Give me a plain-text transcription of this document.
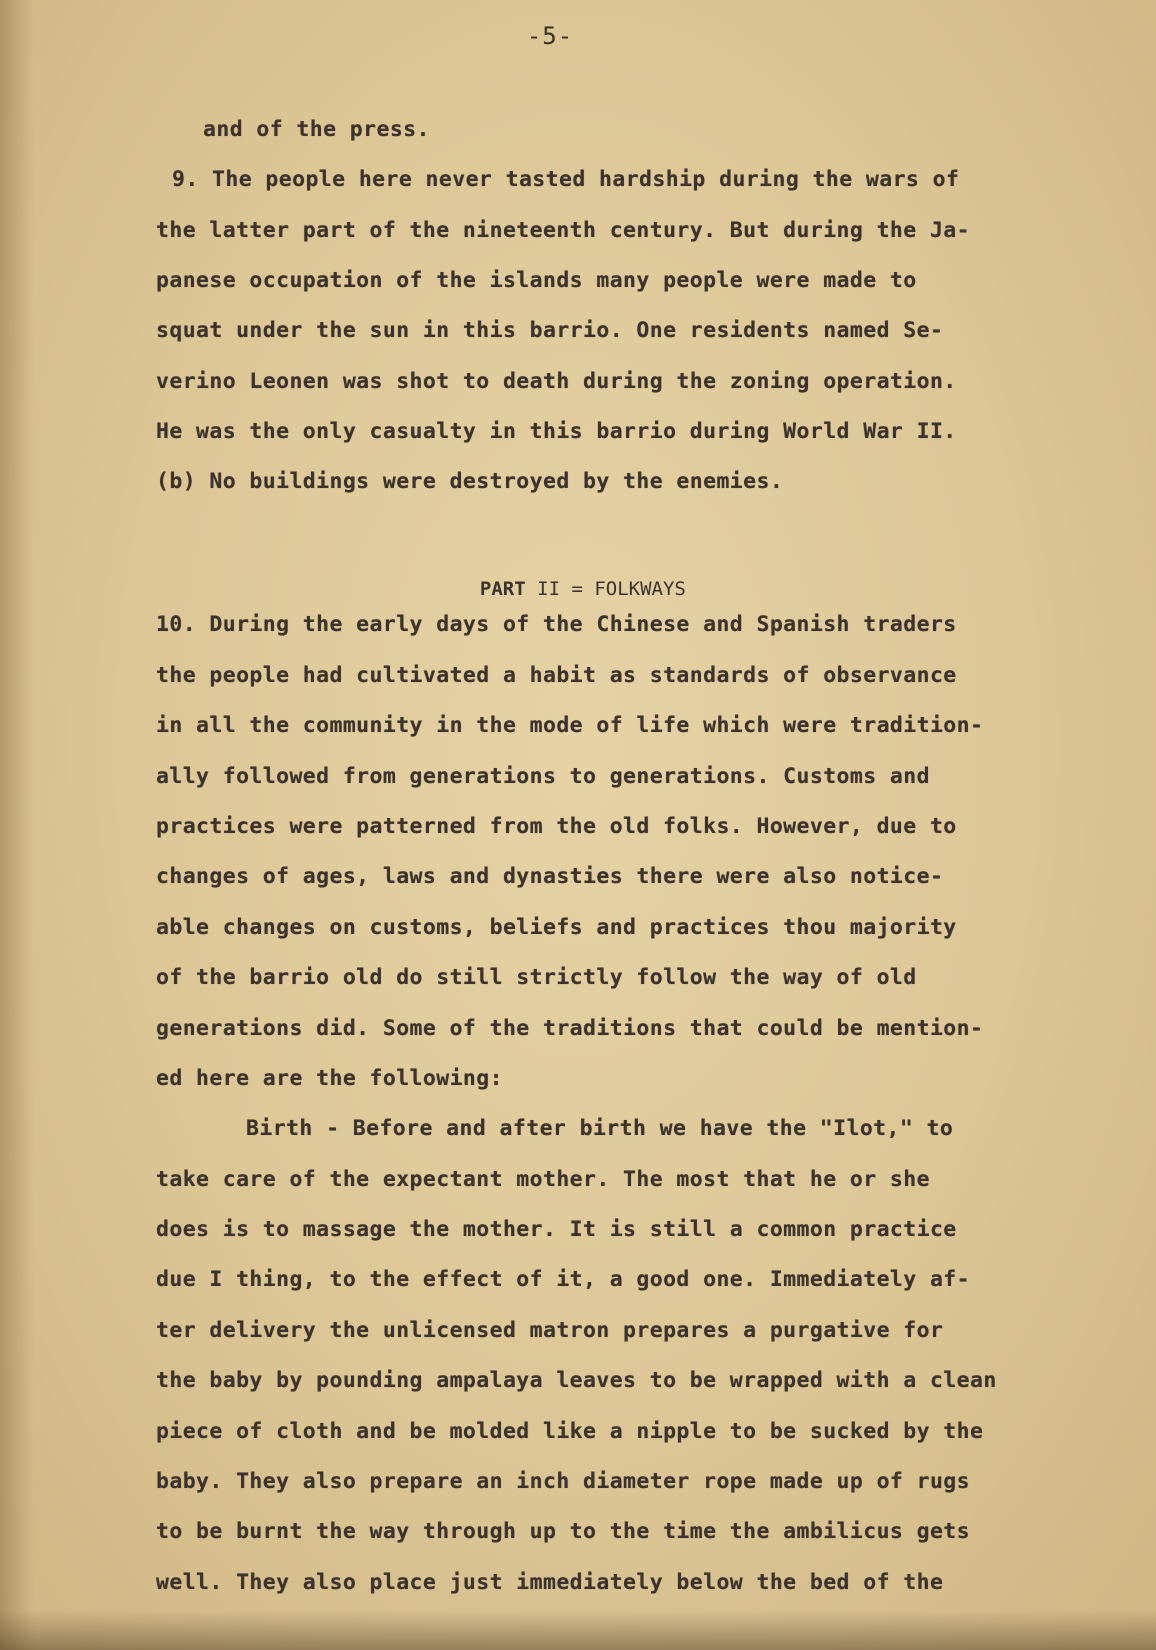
-5-
and of the press.
9. The people here never tasted hardship during the wars of
the latter part of the nineteenth century. But during the Ja-
panese occupation of the islands many people were made to
squat under the sun in this barrio. One residents named Se-
verino Leonen was shot to death during the zoning operation.
He was the only casualty in this barrio during World War II.
(b) No buildings were destroyed by the enemies.

PART II = FOLKWAYS

10. During the early days of the Chinese and Spanish traders
the people had cultivated a habit as standards of observance
in all the community in the mode of life which were tradition-
ally followed from generations to generations. Customs and
practices were patterned from the old folks. However, due to
changes of ages, laws and dynasties there were also notice-
able changes on customs, beliefs and practices thou majority
of the barrio old do still strictly follow the way of old
generations did. Some of the traditions that could be mention-
ed here are the following:
Birth - Before and after birth we have the "Ilot," to
take care of the expectant mother. The most that he or she
does is to massage the mother. It is still a common practice
due I thing, to the effect of it, a good one. Immediately af-
ter delivery the unlicensed matron prepares a purgative for
the baby by pounding ampalaya leaves to be wrapped with a clean
piece of cloth and be molded like a nipple to be sucked by the
baby. They also prepare an inch diameter rope made up of rugs
to be burnt the way through up to the time the ambilicus gets
well. They also place just immediately below the bed of the
